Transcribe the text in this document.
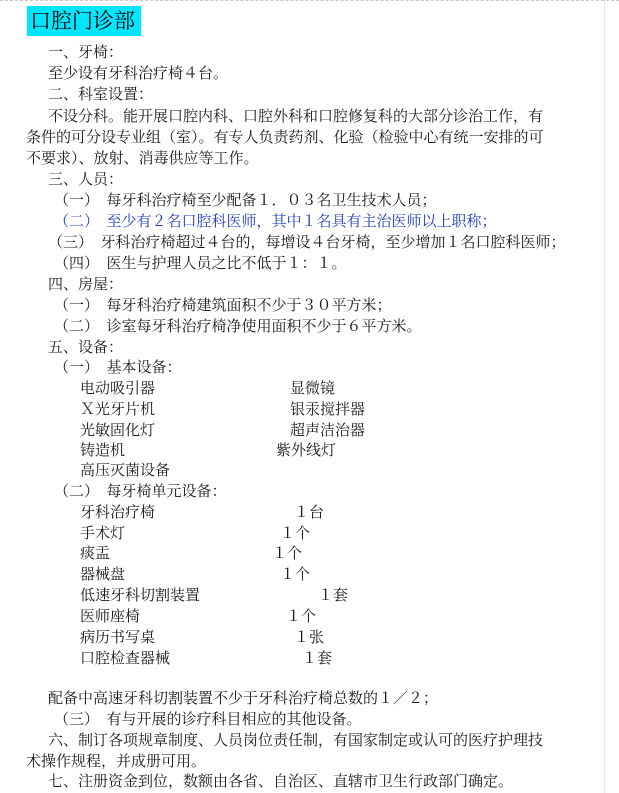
口腔门诊部
一、牙椅：
至少设有牙科治疗椅４台。
二、科室设置：
不设分科。能开展口腔内科、口腔外科和口腔修复科的大部分诊治工作，有
条件的可分设专业组（室）。有专人负责药剂、化验（检验中心有统一安排的可
不要求）、放射、消毒供应等工作。
三、人员：
（一）　每牙科治疗椅至少配备１．０３名卫生技术人员；
（二）　至少有２名口腔科医师，其中１名具有主治医师以上职称；
（三）　牙科治疗椅超过４台的，每增设４台牙椅，至少增加１名口腔科医师；
（四）　医生与护理人员之比不低于１：１。
四、房屋：
（一）　每牙科治疗椅建筑面积不少于３０平方米；
（二）　诊室每牙科治疗椅净使用面积不少于６平方米。
五、设备：
（一）　基本设备：
电动吸引器	显微镜
Ｘ光牙片机	银汞搅拌器
光敏固化灯	超声洁治器
铸造机	紫外线灯
高压灭菌设备
（二）　每牙椅单元设备：
牙科治疗椅	１台
手术灯	１个
痰盂	１个
器械盘	１个
低速牙科切割装置	１套
医师座椅	１个
病历书写桌	１张
口腔检查器械	１套
配备中高速牙科切割装置不少于牙科治疗椅总数的１／２；
（三）　有与开展的诊疗科目相应的其他设备。
六、制订各项规章制度、人员岗位责任制，有国家制定或认可的医疗护理技
术操作规程，并成册可用。
七、注册资金到位，数额由各省、自治区、直辖市卫生行政部门确定。
